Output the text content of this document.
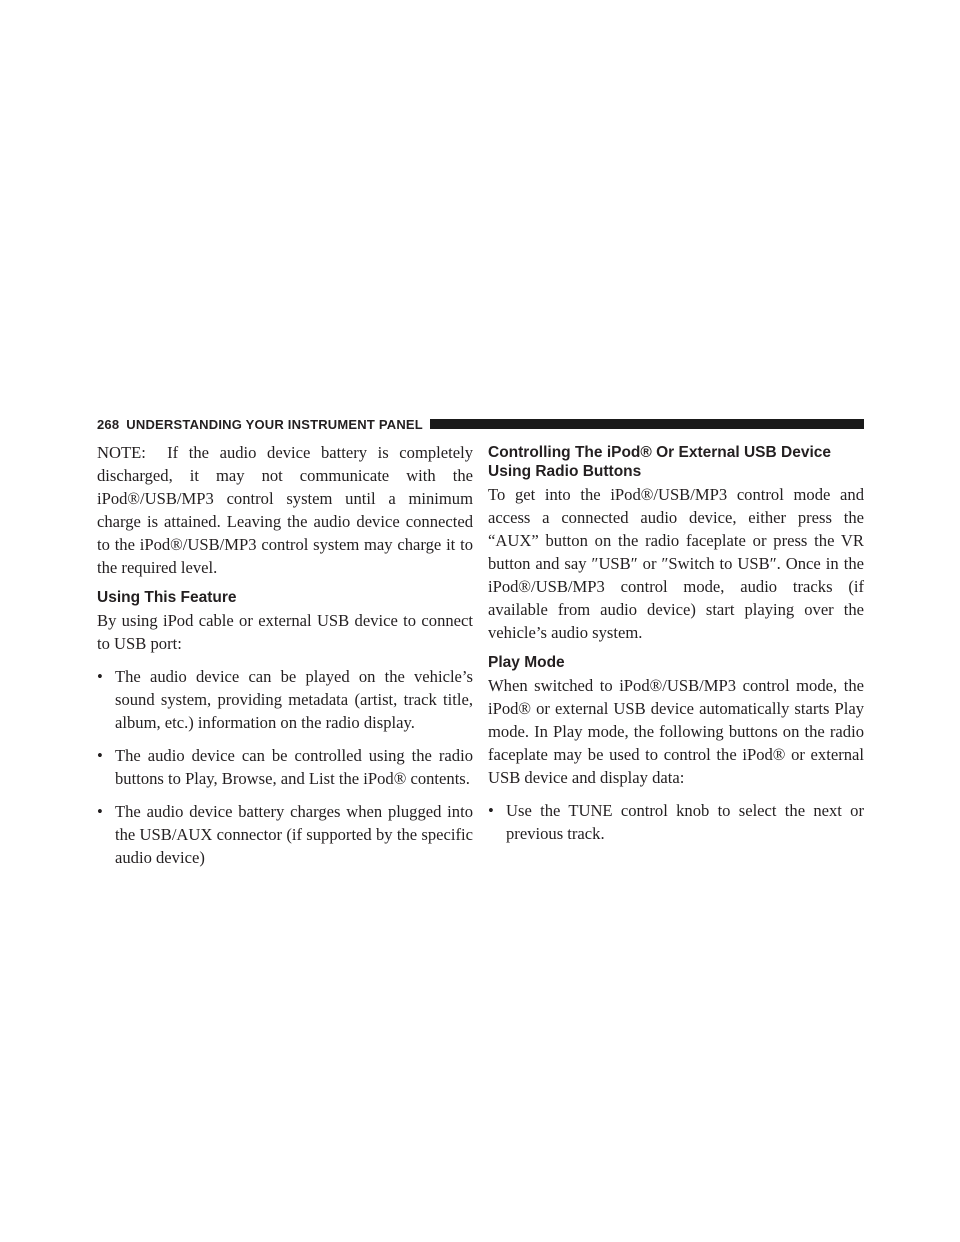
268 UNDERSTANDING YOUR INSTRUMENT PANEL

NOTE: If the audio device battery is completely discharged, it may not communicate with the iPod®/USB/MP3 control system until a minimum charge is attained. Leaving the audio device connected to the iPod®/USB/MP3 control system may charge it to the required level.

Using This Feature

By using iPod cable or external USB device to connect to USB port:

• The audio device can be played on the vehicle’s sound system, providing metadata (artist, track title, album, etc.) information on the radio display.
• The audio device can be controlled using the radio buttons to Play, Browse, and List the iPod® contents.
• The audio device battery charges when plugged into the USB/AUX connector (if supported by the specific audio device)
Controlling The iPod® Or External USB Device Using Radio Buttons

To get into the iPod®/USB/MP3 control mode and access a connected audio device, either press the “AUX” button on the radio faceplate or press the VR button and say ″USB″ or ″Switch to USB″. Once in the iPod®/USB/MP3 control mode, audio tracks (if available from audio device) start playing over the vehicle’s audio system.

Play Mode

When switched to iPod®/USB/MP3 control mode, the iPod® or external USB device automatically starts Play mode. In Play mode, the following buttons on the radio faceplate may be used to control the iPod® or external USB device and display data:

• Use the TUNE control knob to select the next or previous track.
